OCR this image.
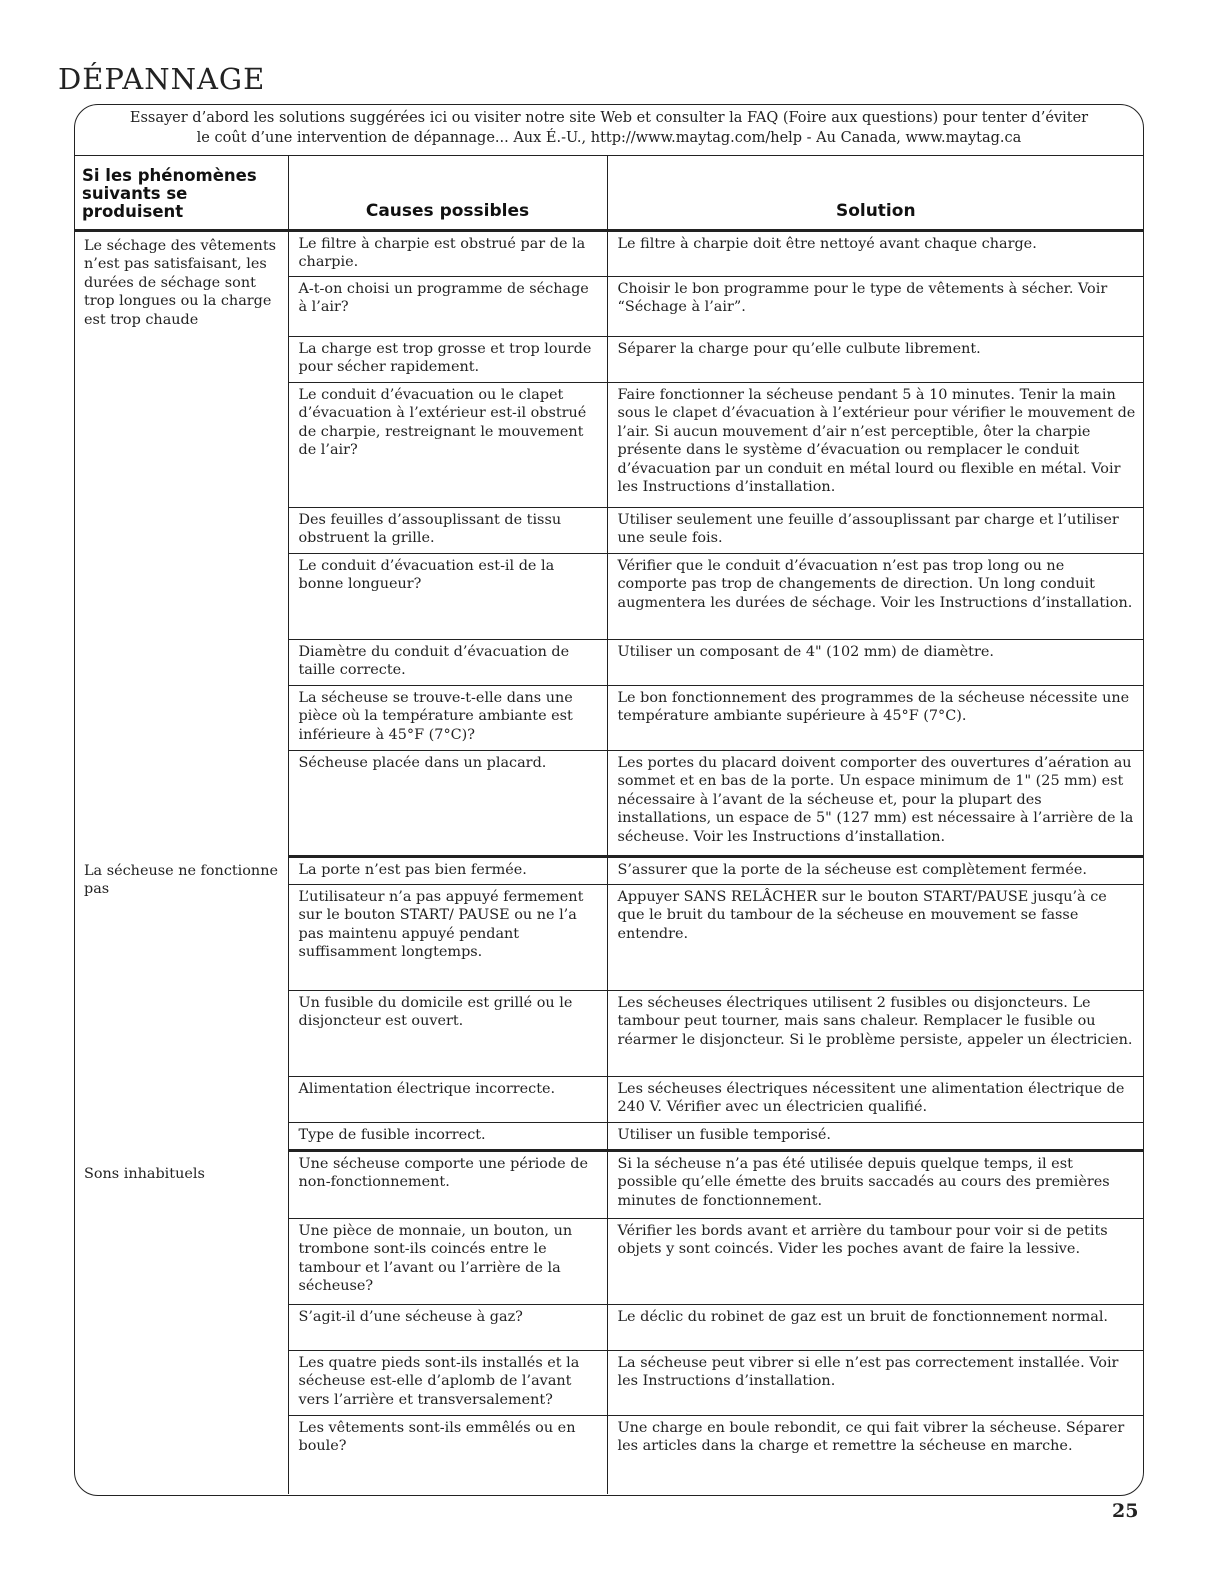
DÉPANNAGE
Essayer d’abord les solutions suggérées ici ou visiter notre site Web et consulter la FAQ (Foire aux questions) pour tenter d’éviter
le coût d’une intervention de dépannage... Aux É.-U., http://www.maytag.com/help - Au Canada, www.maytag.ca
Si les phénomènes suivants se produisent	Causes possibles	Solution
Le séchage des vêtements n’est pas satisfaisant, les durées de séchage sont trop longues ou la charge est trop chaude	Le filtre à charpie est obstrué par de la charpie.	Le filtre à charpie doit être nettoyé avant chaque charge.
	A-t-on choisi un programme de séchage à l’air?	Choisir le bon programme pour le type de vêtements à sécher. Voir “Séchage à l’air”.
	La charge est trop grosse et trop lourde pour sécher rapidement.	Séparer la charge pour qu’elle culbute librement.
	Le conduit d’évacuation ou le clapet d’évacuation à l’extérieur est-il obstrué de charpie, restreignant le mouvement de l’air?	Faire fonctionner la sécheuse pendant 5 à 10 minutes. Tenir la main sous le clapet d’évacuation à l’extérieur pour vérifier le mouvement de l’air. Si aucun mouvement d’air n’est perceptible, ôter la charpie présente dans le système d’évacuation ou remplacer le conduit d’évacuation par un conduit en métal lourd ou flexible en métal. Voir les Instructions d’installation.
	Des feuilles d’assouplissant de tissu obstruent la grille.	Utiliser seulement une feuille d’assouplissant par charge et l’utiliser une seule fois.
	Le conduit d’évacuation est-il de la bonne longueur?	Vérifier que le conduit d’évacuation n’est pas trop long ou ne comporte pas trop de changements de direction. Un long conduit augmentera les durées de séchage. Voir les Instructions d’installation.
	Diamètre du conduit d’évacuation de taille correcte.	Utiliser un composant de 4" (102 mm) de diamètre.
	La sécheuse se trouve-t-elle dans une pièce où la température ambiante est inférieure à 45°F (7°C)?	Le bon fonctionnement des programmes de la sécheuse nécessite une température ambiante supérieure à 45°F (7°C).
	Sécheuse placée dans un placard.	Les portes du placard doivent comporter des ouvertures d’aération au sommet et en bas de la porte. Un espace minimum de 1" (25 mm) est nécessaire à l’avant de la sécheuse et, pour la plupart des installations, un espace de 5" (127 mm) est nécessaire à l’arrière de la sécheuse. Voir les Instructions d’installation.
La sécheuse ne fonctionne pas	La porte n’est pas bien fermée.	S’assurer que la porte de la sécheuse est complètement fermée.
	L’utilisateur n’a pas appuyé fermement sur le bouton START/ PAUSE ou ne l’a pas maintenu appuyé pendant suffisamment longtemps.	Appuyer SANS RELÂCHER sur le bouton START/PAUSE jusqu’à ce que le bruit du tambour de la sécheuse en mouvement se fasse entendre.
	Un fusible du domicile est grillé ou le disjoncteur est ouvert.	Les sécheuses électriques utilisent 2 fusibles ou disjoncteurs. Le tambour peut tourner, mais sans chaleur. Remplacer le fusible ou réarmer le disjoncteur. Si le problème persiste, appeler un électricien.
	Alimentation électrique incorrecte.	Les sécheuses électriques nécessitent une alimentation électrique de 240 V. Vérifier avec un électricien qualifié.
	Type de fusible incorrect.	Utiliser un fusible temporisé.
Sons inhabituels	Une sécheuse comporte une période de non-fonctionnement.	Si la sécheuse n’a pas été utilisée depuis quelque temps, il est possible qu’elle émette des bruits saccadés au cours des premières minutes de fonctionnement.
	Une pièce de monnaie, un bouton, un trombone sont-ils coincés entre le tambour et l’avant ou l’arrière de la sécheuse?	Vérifier les bords avant et arrière du tambour pour voir si de petits objets y sont coincés. Vider les poches avant de faire la lessive.
	S’agit-il d’une sécheuse à gaz?	Le déclic du robinet de gaz est un bruit de fonctionnement normal.
	Les quatre pieds sont-ils installés et la sécheuse est-elle d’aplomb de l’avant vers l’arrière et transversalement?	La sécheuse peut vibrer si elle n’est pas correctement installée. Voir les Instructions d’installation.
	Les vêtements sont-ils emmêlés ou en boule?	Une charge en boule rebondit, ce qui fait vibrer la sécheuse. Séparer les articles dans la charge et remettre la sécheuse en marche.
25
